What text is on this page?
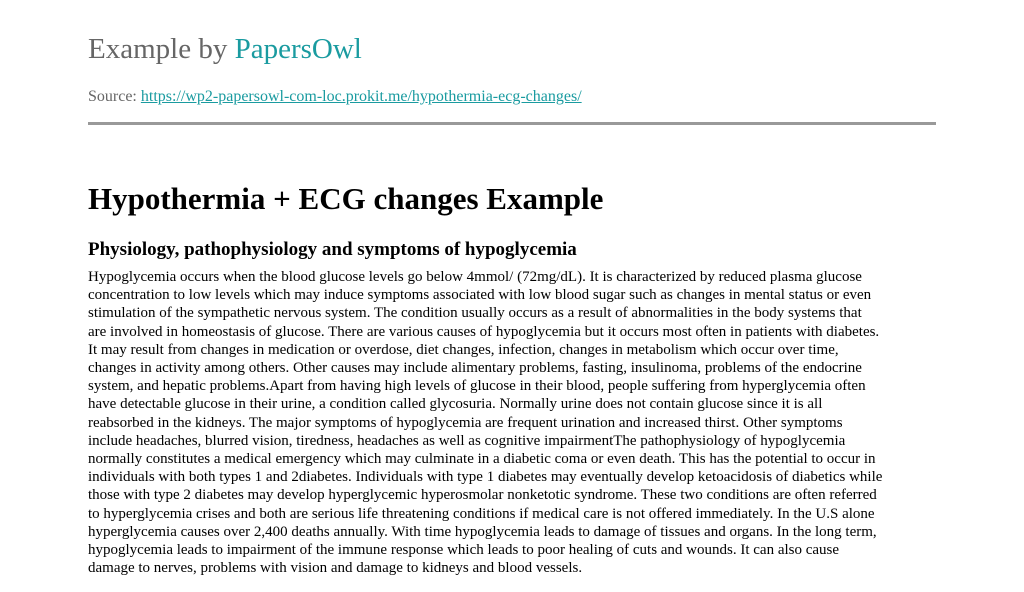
Example by PapersOwl
Source: https://wp2-papersowl-com-loc.prokit.me/hypothermia-ecg-changes/
Hypothermia + ECG changes Example
Physiology, pathophysiology and symptoms of hypoglycemia
Hypoglycemia occurs when the blood glucose levels go below 4mmol/ (72mg/dL). It is characterized by reduced plasma glucose
concentration to low levels which may induce symptoms associated with low blood sugar such as changes in mental status or even
stimulation of the sympathetic nervous system. The condition usually occurs as a result of abnormalities in the body systems that
are involved in homeostasis of glucose. There are various causes of hypoglycemia but it occurs most often in patients with diabetes.
It may result from changes in medication or overdose, diet changes, infection, changes in metabolism which occur over time,
changes in activity among others. Other causes may include alimentary problems, fasting, insulinoma, problems of the endocrine
system, and hepatic problems.Apart from having high levels of glucose in their blood, people suffering from hyperglycemia often
have detectable glucose in their urine, a condition called glycosuria. Normally urine does not contain glucose since it is all
reabsorbed in the kidneys. The major symptoms of hypoglycemia are frequent urination and increased thirst. Other symptoms
include headaches, blurred vision, tiredness, headaches as well as cognitive impairmentThe pathophysiology of hypoglycemia
normally constitutes a medical emergency which may culminate in a diabetic coma or even death. This has the potential to occur in
individuals with both types 1 and 2diabetes. Individuals with type 1 diabetes may eventually develop ketoacidosis of diabetics while
those with type 2 diabetes may develop hyperglycemic hyperosmolar nonketotic syndrome. These two conditions are often referred
to hyperglycemia crises and both are serious life threatening conditions if medical care is not offered immediately. In the U.S alone
hyperglycemia causes over 2,400 deaths annually. With time hypoglycemia leads to damage of tissues and organs. In the long term,
hypoglycemia leads to impairment of the immune response which leads to poor healing of cuts and wounds. It can also cause
damage to nerves, problems with vision and damage to kidneys and blood vessels.
